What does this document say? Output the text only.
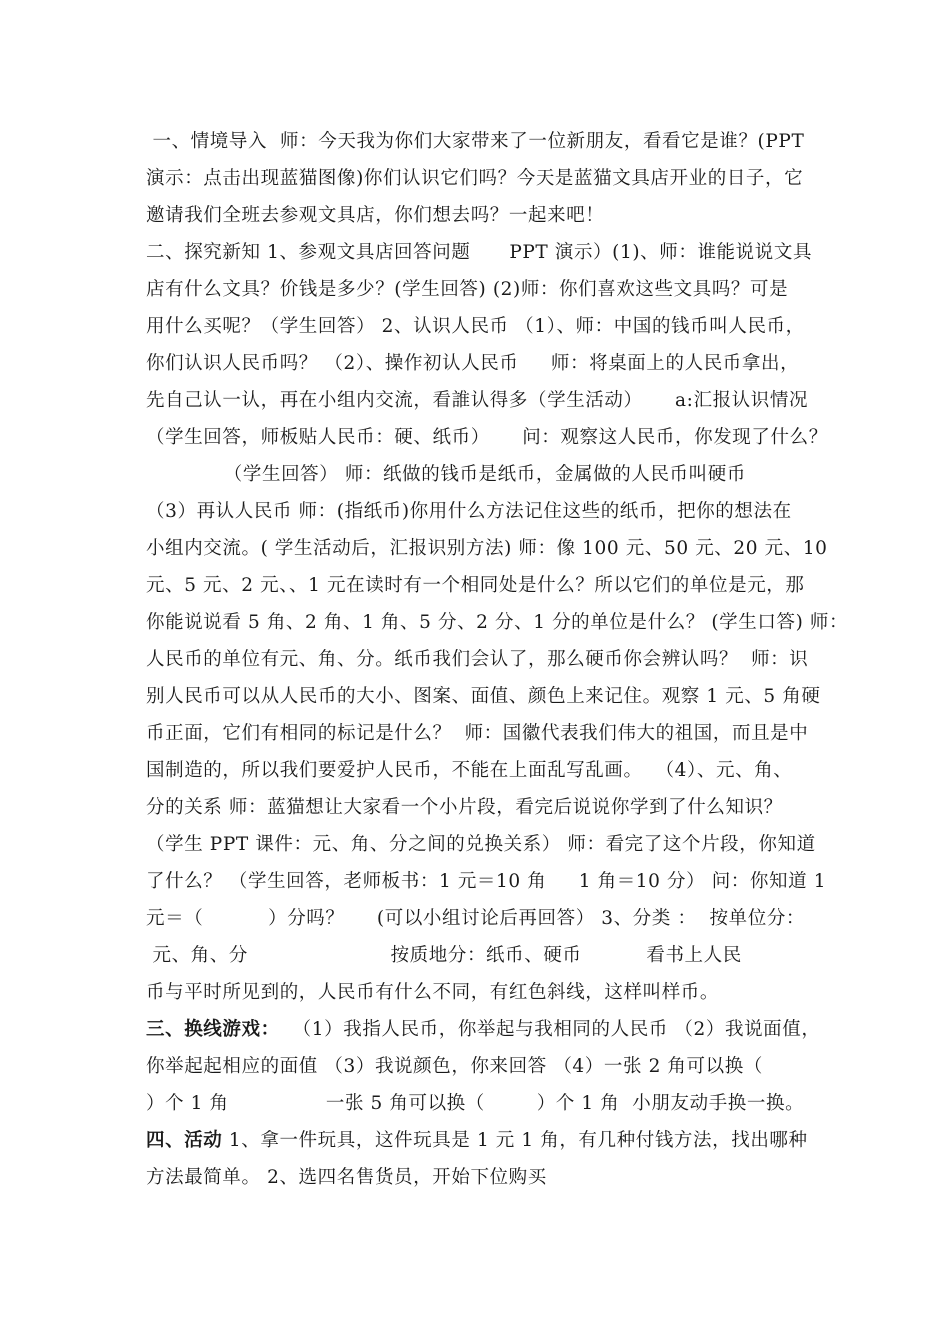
一、情境导入  师：今天我为你们大家带来了一位新朋友，看看它是谁？(PPT
演示：点击出现蓝猫图像)你们认识它们吗？今天是蓝猫文具店开业的日子，它
邀请我们全班去参观文具店，你们想去吗？一起来吧！
二、探究新知 1、参观文具店回答问题      PPT 演示）(1)、师：谁能说说文具
店有什么文具？价钱是多少？(学生回答) (2)师：你们喜欢这些文具吗？可是
用什么买呢？（学生回答） 2、认识人民币 （1）、师：中国的钱币叫人民币，
你们认识人民币吗？ （2）、操作初认人民币     师：将桌面上的人民币拿出，
先自己认一认，再在小组内交流，看誰认得多（学生活动）     a:汇报认识情况
（学生回答，师板贴人民币：硬、纸币）     问：观察这人民币，你发现了什么？
（学生回答） 师：纸做的钱币是纸币，金属做的人民币叫硬币
（3）再认人民币 师：(指纸币)你用什么方法记住这些的纸币，把你的想法在
小组内交流。( 学生活动后，汇报识别方法) 师：像 100 元、50 元、20 元、10
元、5 元、2 元、、1 元在读时有一个相同处是什么？所以它们的单位是元，那
你能说说看 5 角、2 角、1 角、5 分、2 分、1 分的单位是什么？ (学生口答) 师：
人民币的单位有元、角、分。纸币我们会认了，那么硬币你会辨认吗？  师：识
别人民币可以从人民币的大小、图案、面值、颜色上来记住。观察 1 元、5 角硬
币正面，它们有相同的标记是什么？  师：国徽代表我们伟大的祖国，而且是中
国制造的，所以我们要爱护人民币，不能在上面乱写乱画。  （4）、元、角、
分的关系 师：蓝猫想让大家看一个小片段，看完后说说你学到了什么知识？
（学生 PPT 课件：元、角、分之间的兑换关系） 师：看完了这个片段，你知道
了什么？ （学生回答，老师板书：1 元＝10 角     1 角＝10 分） 问：你知道 1
元＝（          ）分吗？     (可以小组讨论后再回答） 3、分类 ：  按单位分：
元、角、分                      按质地分：纸币、硬币          看书上人民
币与平时所见到的，人民币有什么不同，有红色斜线，这样叫样币。
三、换线游戏：  （1）我指人民币，你举起与我相同的人民币 （2）我说面值，
你举起起相应的面值 （3）我说颜色，你来回答 （4）一张 2 角可以换（
）个 1 角               一张 5 角可以换（        ）个 1 角  小朋友动手换一换。
四、活动 1、拿一件玩具，这件玩具是 1 元 1 角，有几种付钱方法，找出哪种
方法最简单。 2、选四名售货员，开始下位购买
